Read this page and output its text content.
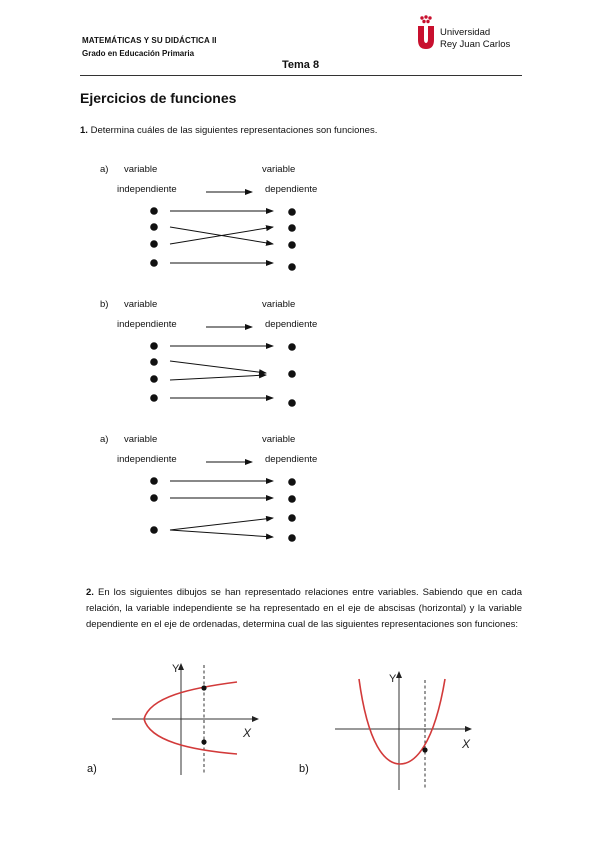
MATEMÁTICAS Y SU DIDÁCTICA II
Grado en Educación Primaria
Universidad
Rey Juan Carlos
Tema 8
Ejercicios de funciones
1. Determina cuáles de las siguientes representaciones son funciones.
a) variable
independiente
variable
dependiente
b) variable
independiente
variable
dependiente
a) variable
independiente
variable
dependiente
2. En los siguientes dibujos se han representado relaciones entre variables. Sabiendo que en cada relación, la variable independiente se ha representado en el eje de abscisas (horizontal) y la variable dependiente en el eje de ordenadas, determina cual de las siguientes representaciones son funciones:
Y
X
Y
X
a)	b)
